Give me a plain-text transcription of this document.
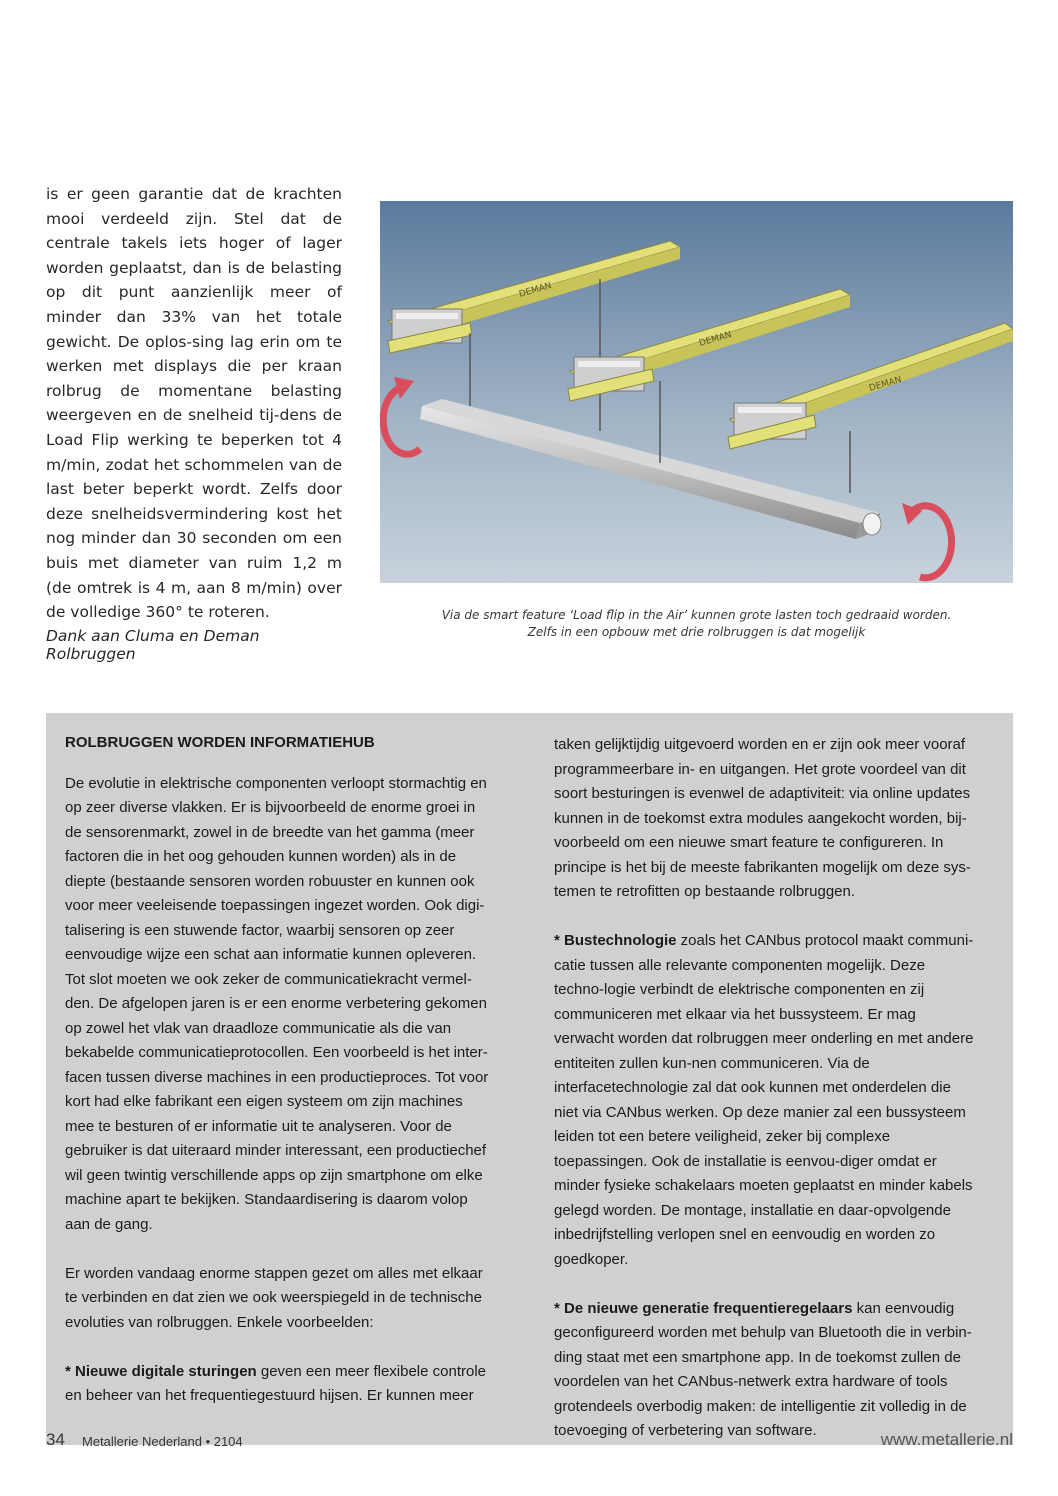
is er geen garantie dat de krachten mooi verdeeld zijn. Stel dat de centrale takels iets hoger of lager worden geplaatst, dan is de belasting op dit punt aanzienlijk meer of minder dan 33% van het totale gewicht. De oplos-sing lag erin om te werken met displays die per kraan rolbrug de momentane belasting weergeven en de snelheid tij-dens de Load Flip werking te beperken tot 4 m/min, zodat het schommelen van de last beter beperkt wordt. Zelfs door deze snelheidsvermindering kost het nog minder dan 30 seconden om een buis met diameter van ruim 1,2 m (de omtrek is 4 m, aan 8 m/min) over de volledige 360° te roteren.

Dank aan Cluma en Deman Rolbruggen

DEMAN
DEMAN
DEMAN

Via de smart feature ‘Load flip in the Air’ kunnen grote lasten toch gedraaid worden.
Zelfs in een opbouw met drie rolbruggen is dat mogelijk

ROLBRUGGEN WORDEN INFORMATIEHUB

De evolutie in elektrische componenten verloopt stormachtig en op zeer diverse vlakken. Er is bijvoorbeeld de enorme groei in de sensorenmarkt, zowel in de breedte van het gamma (meer factoren die in het oog gehouden kunnen worden) als in de diepte (bestaande sensoren worden robuuster en kunnen ook voor meer veeleisende toepassingen ingezet worden. Ook digi-talisering is een stuwende factor, waarbij sensoren op zeer eenvoudige wijze een schat aan informatie kunnen opleveren. Tot slot moeten we ook zeker de communicatiekracht vermel-den. De afgelopen jaren is er een enorme verbetering gekomen op zowel het vlak van draadloze communicatie als die van bekabelde communicatieprotocollen. Een voorbeeld is het inter-facen tussen diverse machines in een productieproces. Tot voor kort had elke fabrikant een eigen systeem om zijn machines mee te besturen of er informatie uit te analyseren. Voor de gebruiker is dat uiteraard minder interessant, een productiechef wil geen twintig verschillende apps op zijn smartphone om elke machine apart te bekijken. Standaardisering is daarom volop aan de gang.

Er worden vandaag enorme stappen gezet om alles met elkaar te verbinden en dat zien we ook weerspiegeld in de technische evoluties van rolbruggen. Enkele voorbeelden:

* Nieuwe digitale sturingen geven een meer flexibele controle en beheer van het frequentiegestuurd hijsen. Er kunnen meer

taken gelijktijdig uitgevoerd worden en er zijn ook meer vooraf programmeerbare in- en uitgangen. Het grote voordeel van dit soort besturingen is evenwel de adaptiviteit: via online updates kunnen in de toekomst extra modules aangekocht worden, bij-voorbeeld om een nieuwe smart feature te configureren. In principe is het bij de meeste fabrikanten mogelijk om deze sys-temen te retrofitten op bestaande rolbruggen.

* Bustechnologie zoals het CANbus protocol maakt communi-catie tussen alle relevante componenten mogelijk. Deze techno-logie verbindt de elektrische componenten en zij communiceren met elkaar via het bussysteem. Er mag verwacht worden dat rolbruggen meer onderling en met andere entiteiten zullen kun-nen communiceren. Via de interfacetechnologie zal dat ook kunnen met onderdelen die niet via CANbus werken. Op deze manier zal een bussysteem leiden tot een betere veiligheid, zeker bij complexe toepassingen. Ook de installatie is eenvou-diger omdat er minder fysieke schakelaars moeten geplaatst en minder kabels gelegd worden. De montage, installatie en daar-opvolgende inbedrijfstelling verlopen snel en eenvoudig en worden zo goedkoper.

* De nieuwe generatie frequentieregelaars kan eenvoudig geconfigureerd worden met behulp van Bluetooth die in verbin-ding staat met een smartphone app. In de toekomst zullen de voordelen van het CANbus-netwerk extra hardware of tools grotendeels overbodig maken: de intelligentie zit volledig in de toevoeging of verbetering van software.

34 Metallerie Nederland • 2104	www.metallerie.nl
